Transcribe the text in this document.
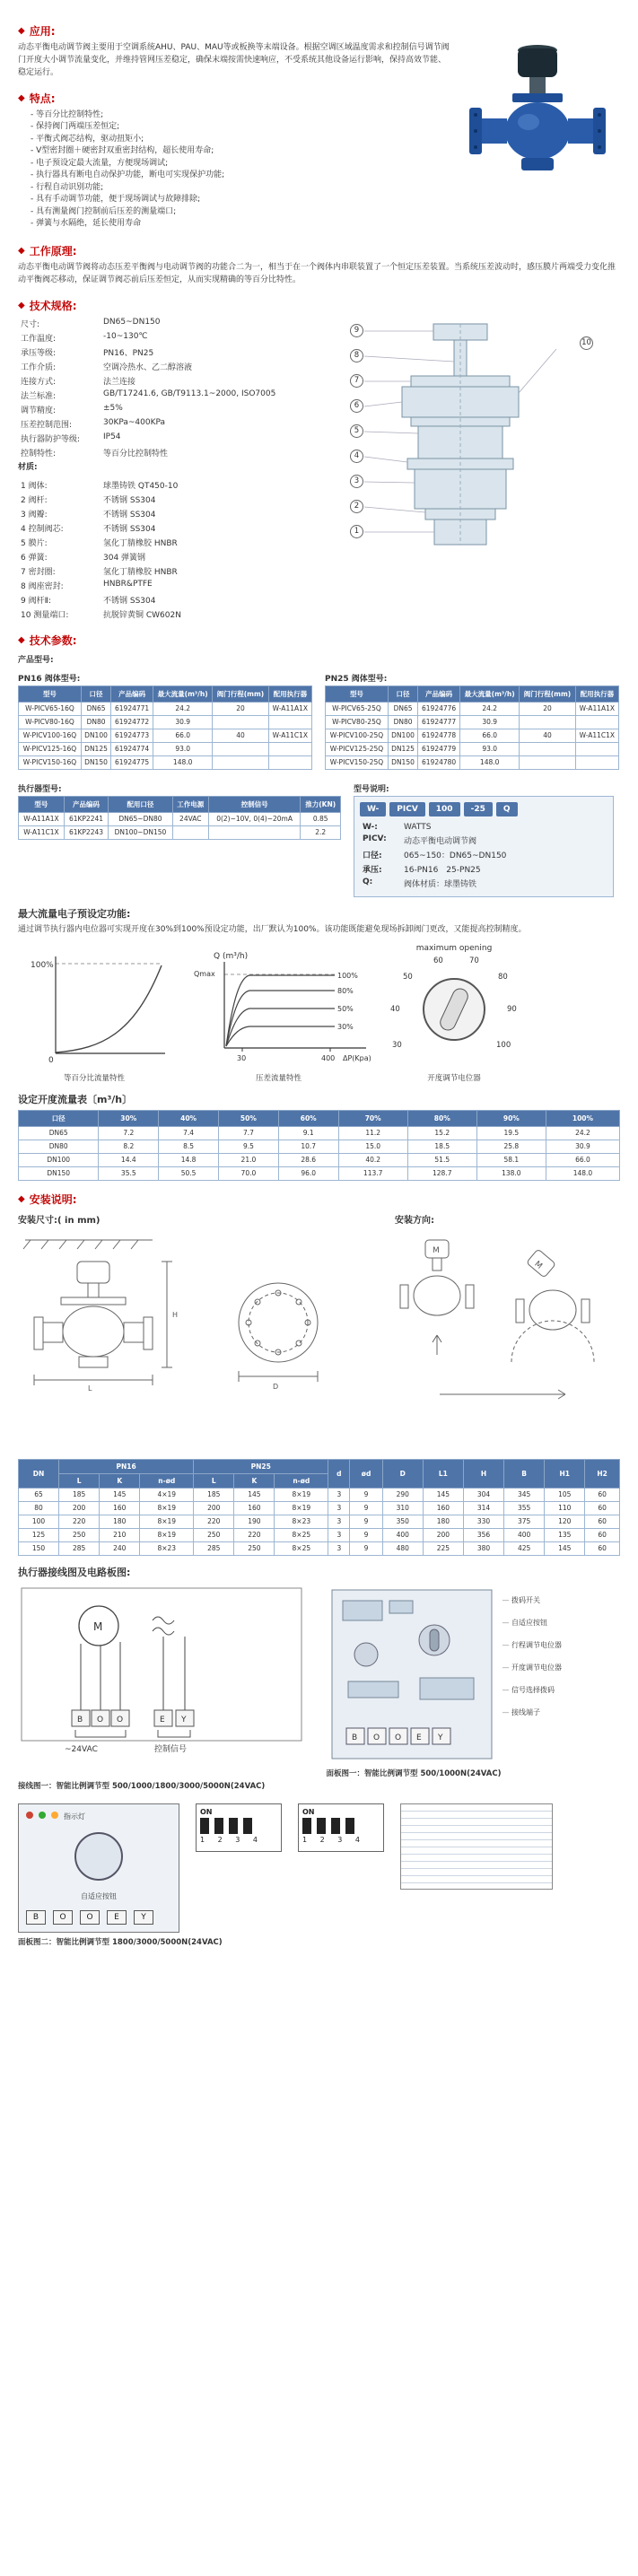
◆ 应用:

动态平衡电动调节阀主要用于空调系统AHU、PAU、MAU等或板换等末端设备。根据空调区域温度需求和控制信号调节阀门开度大小调节流量变化，并维持管网压差稳定，确保末端按需快速响应，不受系统其他设备运行影响，保持高效节能、稳定运行。

◆ 特点:
- 等百分比控制特性;
- 保持阀门两端压差恒定;
- 平衡式阀芯结构，驱动扭矩小;
- V型密封圈＋硬密封双重密封结构，超长使用寿命;
- 电子预设定最大流量，方便现场调试;
- 执行器具有断电自动保护功能，断电可实现保护功能;
- 行程自动识别功能;
- 具有手动调节功能，便于现场调试与故障排除;
- 具有测量阀门控制前后压差的测量端口;
- 弹簧与水隔绝，延长使用寿命
◆ 工作原理:

动态平衡电动调节阀将动态压差平衡阀与电动调节阀的功能合二为一，相当于在一个阀体内串联装置了一个恒定压差装置。当系统压差波动时，感压膜片两端受力变化推动平衡阀芯移动，保证调节阀芯前后压差恒定，从而实现精确的等百分比特性。

◆ 技术规格:
尺寸:	DN65~DN150
工作温度:	-10~130℃
承压等级:	PN16、PN25
工作介质:	空调冷热水、乙二醇溶液
连接方式:	法兰连接
法兰标准:	GB/T17241.6, GB/T9113.1~2000, ISO7005
调节精度:	±5%
压差控制范围:	30KPa~400KPa
执行器防护等级:	IP54
控制特性:	等百分比控制特性
材质:
1 阀体:	球墨铸铁 QT450-10
2 阀杆:	不锈钢 SS304
3 阀瓣:	不锈钢 SS304
4 控制阀芯:	不锈钢 SS304
5 膜片:	氢化丁腈橡胶 HNBR
6 弹簧:	304 弹簧钢
7 密封圈:	氢化丁腈橡胶 HNBR
8 阀座密封:	HNBR&PTFE
9 阀杆Ⅱ:	不锈钢 SS304
10 测量端口:	抗脱锌黄铜 CW602N
9
8
7
6
5
4
3
2
1
10
◆ 技术参数:
产品型号:
PN16 阀体型号:
型号	口径	产品编码	最大流量(m³/h)	阀门行程(mm)	配用执行器
W-PICV65-16Q	DN65	61924771	24.2	20	W-A11A1X
W-PICV80-16Q	DN80	61924772	30.9		
W-PICV100-16Q	DN100	61924773	66.0	40	W-A11C1X
W-PICV125-16Q	DN125	61924774	93.0		
W-PICV150-16Q	DN150	61924775	148.0		
PN25 阀体型号:
型号	口径	产品编码	最大流量(m³/h)	阀门行程(mm)	配用执行器
W-PICV65-25Q	DN65	61924776	24.2	20	W-A11A1X
W-PICV80-25Q	DN80	61924777	30.9		
W-PICV100-25Q	DN100	61924778	66.0	40	W-A11C1X
W-PICV125-25Q	DN125	61924779	93.0		
W-PICV150-25Q	DN150	61924780	148.0		
执行器型号:
型号	产品编码	配用口径	工作电源	控制信号	推力(KN)
W-A11A1X	61KP2241	DN65~DN80	24VAC	0(2)~10V, 0(4)~20mA	0.85
W-A11C1X	61KP2243	DN100~DN150			2.2
型号说明:
W-	PICV	100	-25	Q
W-:	WATTS
PICV:	动态平衡电动调节阀
口径:	065~150：DN65~DN150
承压:	16-PN16　25-PN25
Q:	阀体材质：球墨铸铁
最大流量电子预设定功能:

通过调节执行器内电位器可实现开度在30%到100%预设定功能，出厂默认为100%。该功能既能避免现场拆卸阀门更改，又能提高控制精度。

100%
0
等百分比流量特性
Q (m³/h)
Qmax	100%
80%
50%
30%
30	400 ΔP(Kpa)
压差流量特性
maximum opening
30
40
50
60	70
80
90
100
开度调节电位器
设定开度流量表〔m³/h〕
口径	30%	40%	50%	60%	70%	80%	90%	100%
DN65	7.2	7.4	7.7	9.1	11.2	15.2	19.5	24.2
DN80	8.2	8.5	9.5	10.7	15.0	18.5	25.8	30.9
DN100	14.4	14.8	21.0	28.6	40.2	51.5	58.1	66.0
DN150	35.5	50.5	70.0	96.0	113.7	128.7	138.0	148.0
◆ 安装说明:
安装尺寸:( in mm)	安装方向:
L
H
D
M
M
DN	PN16			PN25			d	ød	D	L1	H	B	H1	H2
	L	K	n-ød	L	K	n-ød								
65	185	145	4×19	185	145	8×19	3	9	290	145	304	345	105	60
80	200	160	8×19	200	160	8×19	3	9	310	160	314	355	110	60
100	220	180	8×19	220	190	8×23	3	9	350	180	330	375	120	60
125	250	210	8×19	250	220	8×25	3	9	400	200	356	400	135	60
150	285	240	8×23	285	250	8×25	3	9	480	225	380	425	145	60
执行器接线图及电路板图:
M
B O O	E Y
~24VAC	控制信号
接线图一：智能比例调节型 500/1000/1800/3000/5000N(24VAC)
B O O E Y
— 拨码开关
— 自适应按钮
— 行程调节电位器
— 开度调节电位器
— 信号选择拨码
— 接线端子
面板图一：智能比例调节型 500/1000N(24VAC)
指示灯
自适应按钮
B	O	O	E	Y
ON
1 2 3 4
ON
1 2 3 4
面板图二：智能比例调节型 1800/3000/5000N(24VAC)
